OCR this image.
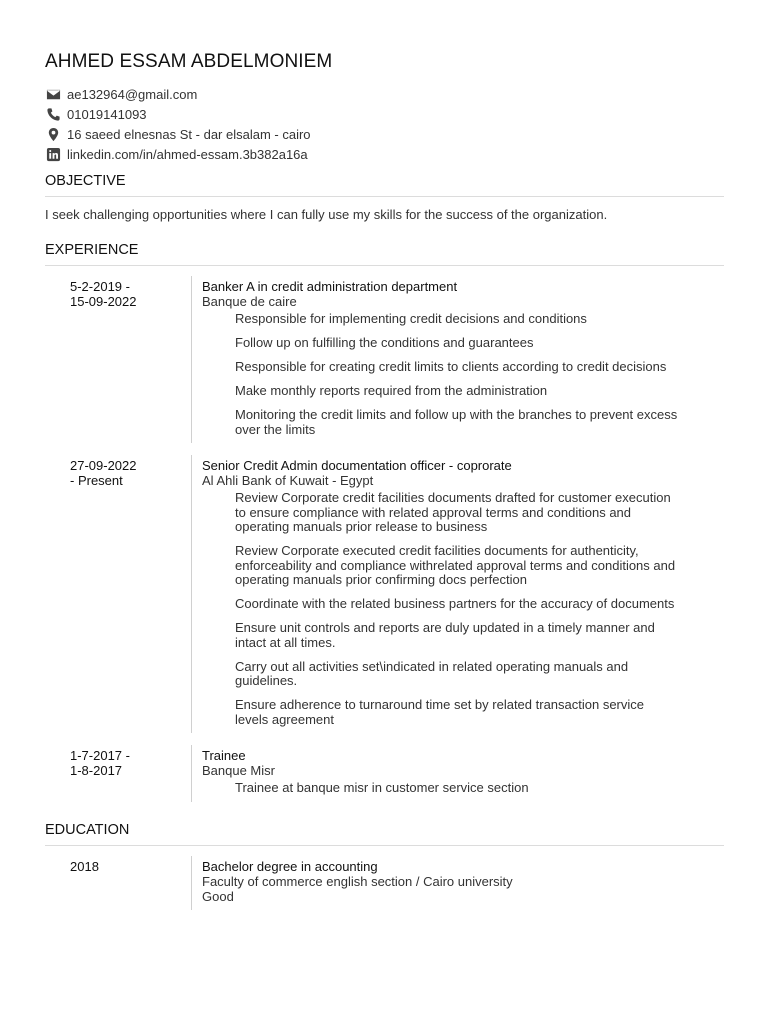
AHMED ESSAM ABDELMONIEM
ae132964@gmail.com
01019141093
16 saeed elnesnas St - dar elsalam - cairo
linkedin.com/in/ahmed-essam.3b382a16a
OBJECTIVE
I seek challenging opportunities where I can fully use my skills for the success of the organization.
EXPERIENCE
5-2-2019 -
15-09-2022
Banker A in credit administration department
Banque de caire
Responsible for implementing credit decisions and conditions
Follow up on fulfilling the conditions and guarantees
Responsible for creating credit limits to clients according to credit decisions
Make monthly reports required from the administration
Monitoring the credit limits and follow up with the branches to prevent excess over the limits
27-09-2022
- Present
Senior Credit Admin documentation officer - coprorate
Al Ahli Bank of Kuwait - Egypt
Review Corporate credit facilities documents drafted for customer execution to ensure compliance with related approval terms and conditions and operating manuals prior release to business
Review Corporate executed credit facilities documents for authenticity, enforceability and compliance withrelated approval terms and conditions and operating manuals prior confirming docs perfection
Coordinate with the related business partners for the accuracy of documents
Ensure unit controls and reports are duly updated in a timely manner and intact at all times.
Carry out all activities set\indicated in related operating manuals and guidelines.
Ensure adherence to turnaround time set by related transaction service levels agreement
1-7-2017 -
1-8-2017
Trainee
Banque Misr
Trainee at banque misr in customer service section
EDUCATION
2018	Bachelor degree in accounting
Faculty of commerce english section / Cairo university
Good
